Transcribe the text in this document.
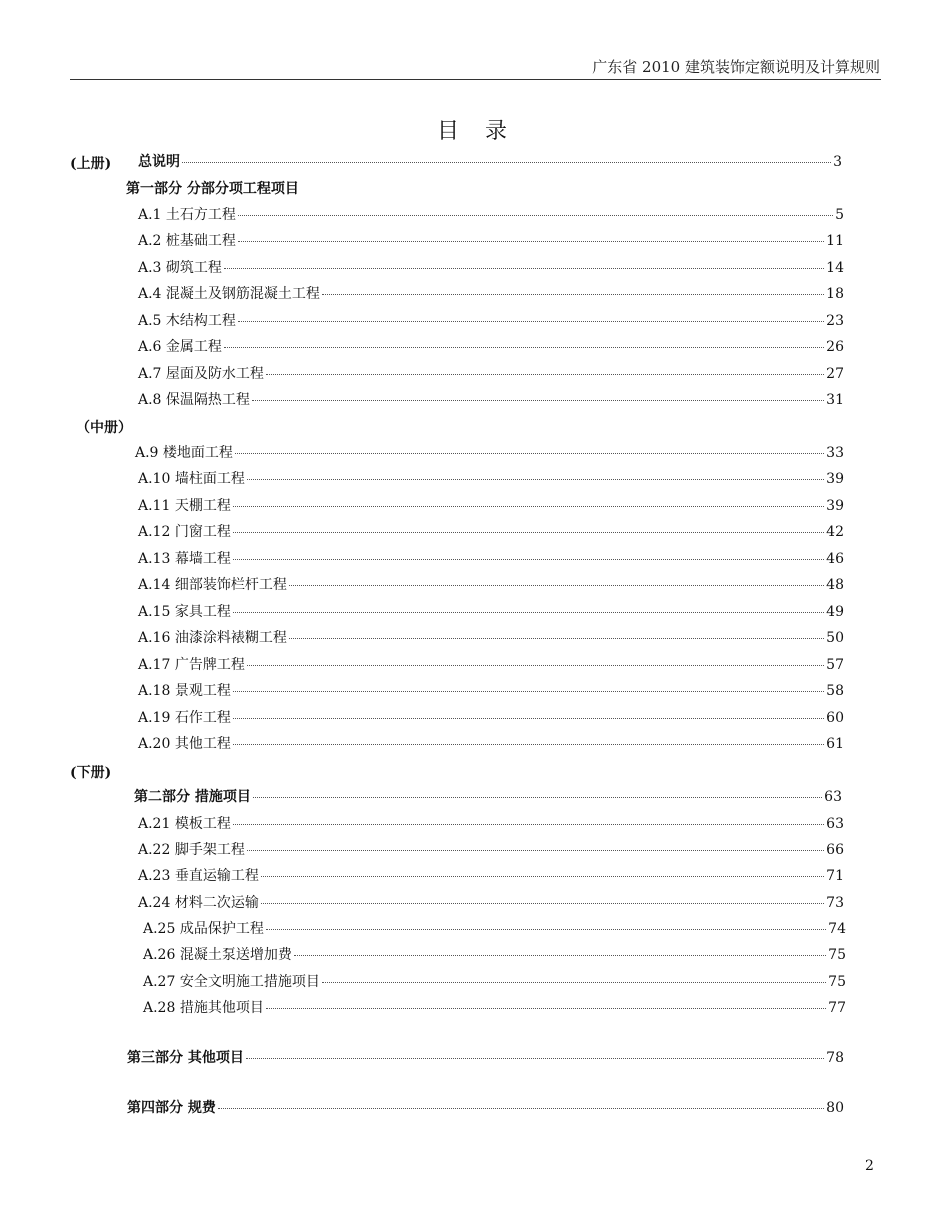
广东省 2010 建筑装饰定额说明及计算规则
目录
(上册)
（中册）
(下册)
总说明	3
第一部分 分部分项工程项目
A.1 土石方工程	5
A.2 桩基础工程	11
A.3 砌筑工程	14
A.4 混凝土及钢筋混凝土工程	18
A.5 木结构工程	23
A.6 金属工程	26
A.7 屋面及防水工程	27
A.8 保温隔热工程	31
A.9 楼地面工程	33
A.10 墙柱面工程	39
A.11 天棚工程	39
A.12 门窗工程	42
A.13 幕墙工程	46
A.14 细部装饰栏杆工程	48
A.15 家具工程	49
A.16 油漆涂料裱糊工程	50
A.17 广告牌工程	57
A.18 景观工程	58
A.19 石作工程	60
A.20 其他工程	61
第二部分 措施项目	63
A.21 模板工程	63
A.22 脚手架工程	66
A.23 垂直运输工程	71
A.24 材料二次运输	73
A.25 成品保护工程	74
A.26 混凝土泵送增加费	75
A.27 安全文明施工措施项目	75
A.28 措施其他项目	77
第三部分 其他项目	78
第四部分 规费	80
2
